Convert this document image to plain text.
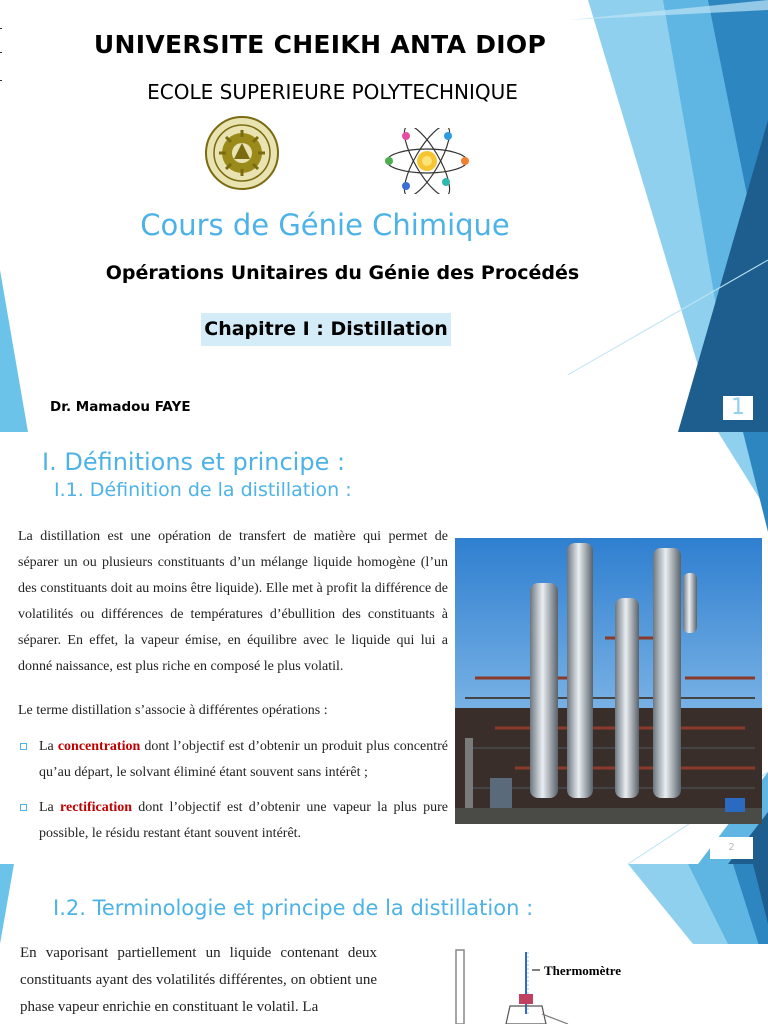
UNIVERSITE CHEIKH ANTA DIOP
ECOLE SUPERIEURE POLYTECHNIQUE
Cours de Génie Chimique
Opérations Unitaires du Génie des Procédés
Chapitre I : Distillation
Dr. Mamadou FAYE	1
I. Définitions et principe :
I.1. Définition de la distillation :
La distillation est une opération de transfert de matière qui permet de séparer un ou plusieurs constituants d’un mélange liquide homogène (l’un des constituants doit au moins être liquide). Elle met à profit la différence de volatilités ou différences de températures d’ébullition des constituants à séparer. En effet, la vapeur émise, en équilibre avec le liquide qui lui a donné naissance, est plus riche en composé le plus volatil.
Le terme distillation s’associe à différentes opérations :
La concentration dont l’objectif est d’obtenir un produit plus concentré qu’au départ, le solvant éliminé étant souvent sans intérêt ;
La rectification dont l’objectif est d’obtenir une vapeur la plus pure possible, le résidu restant étant souvent intérêt.
2
I.2. Terminologie et principe de la distillation :
En vaporisant partiellement un liquide contenant deux constituants ayant des volatilités différentes, on obtient une phase vapeur enrichie en constituant le volatil. La
Thermomètre
